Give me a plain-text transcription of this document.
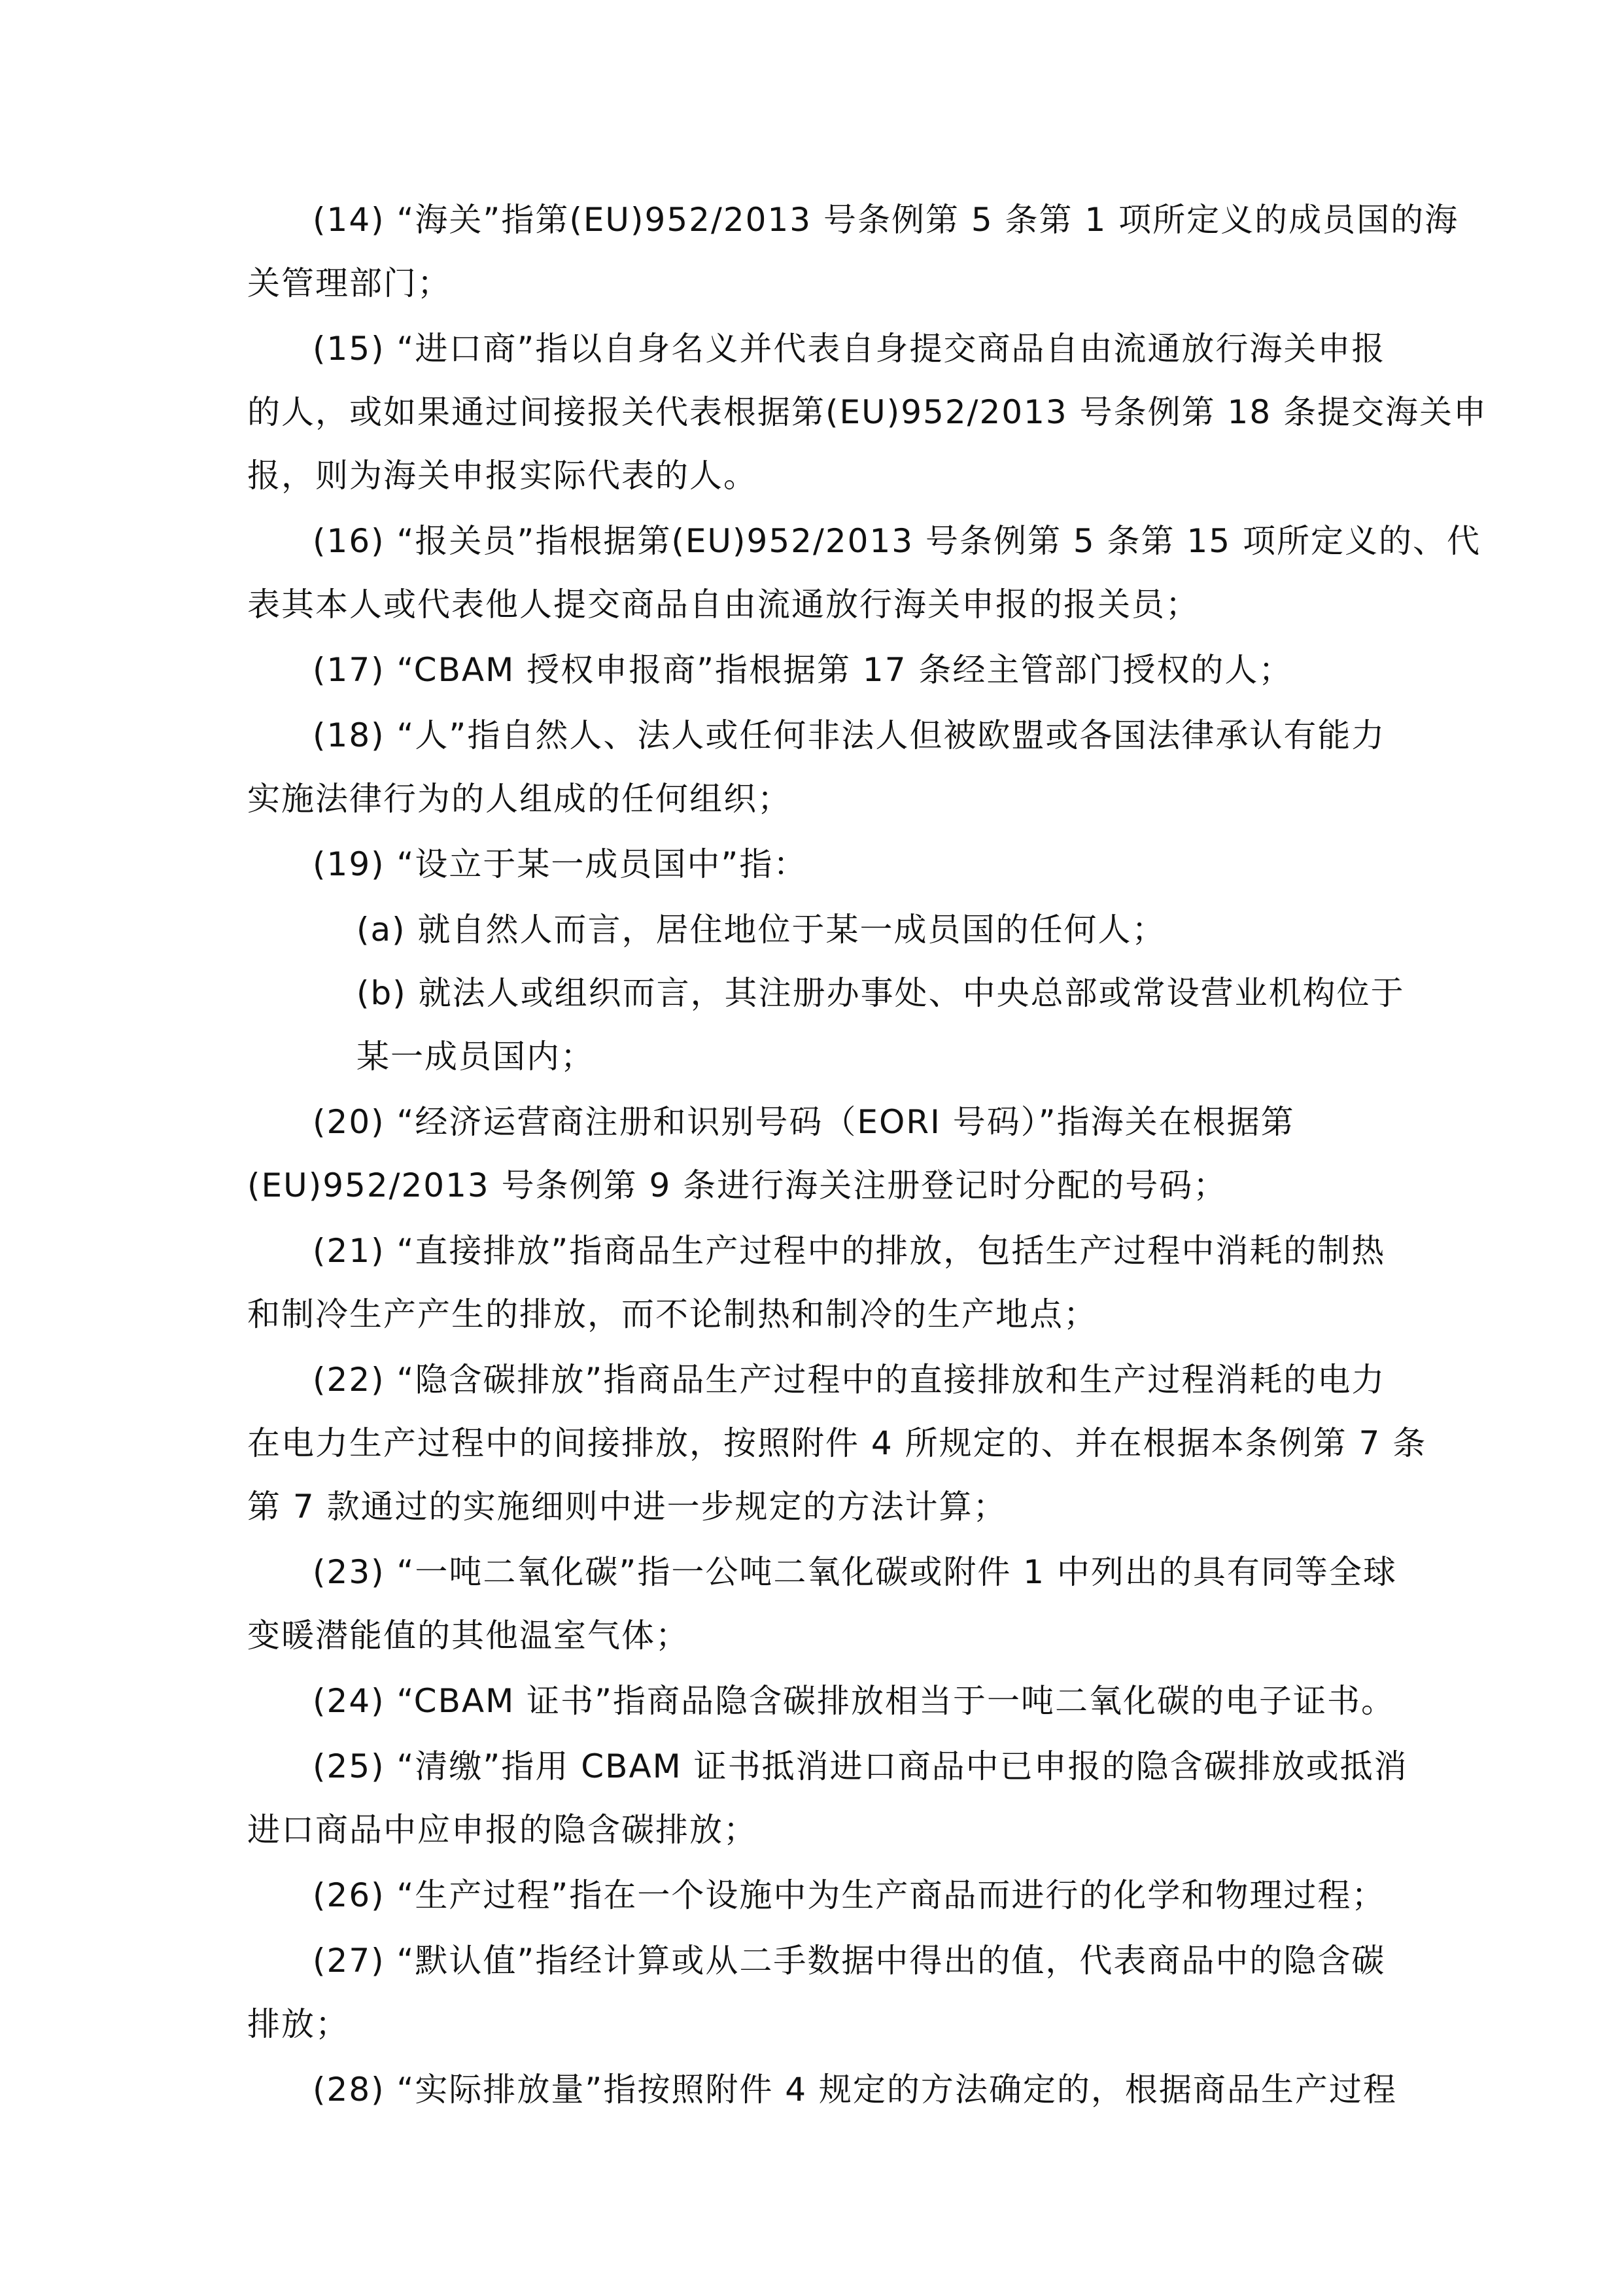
(14) “海关”指第(EU)952/2013 号条例第 5 条第 1 项所定义的成员国的海
关管理部门；
(15) “进口商”指以自身名义并代表自身提交商品自由流通放行海关申报
的人，或如果通过间接报关代表根据第(EU)952/2013 号条例第 18 条提交海关申
报，则为海关申报实际代表的人。
(16) “报关员”指根据第(EU)952/2013 号条例第 5 条第 15 项所定义的、代
表其本人或代表他人提交商品自由流通放行海关申报的报关员；
(17) “CBAM 授权申报商”指根据第 17 条经主管部门授权的人；
(18) “人”指自然人、法人或任何非法人但被欧盟或各国法律承认有能力
实施法律行为的人组成的任何组织；
(19) “设立于某一成员国中”指：
(a) 就自然人而言，居住地位于某一成员国的任何人；
(b) 就法人或组织而言，其注册办事处、中央总部或常设营业机构位于
某一成员国内；
(20) “经济运营商注册和识别号码（EORI 号码）”指海关在根据第
(EU)952/2013 号条例第 9 条进行海关注册登记时分配的号码；
(21) “直接排放”指商品生产过程中的排放，包括生产过程中消耗的制热
和制冷生产产生的排放，而不论制热和制冷的生产地点；
(22) “隐含碳排放”指商品生产过程中的直接排放和生产过程消耗的电力
在电力生产过程中的间接排放，按照附件 4 所规定的、并在根据本条例第 7 条
第 7 款通过的实施细则中进一步规定的方法计算；
(23) “一吨二氧化碳”指一公吨二氧化碳或附件 1 中列出的具有同等全球
变暖潜能值的其他温室气体；
(24) “CBAM 证书”指商品隐含碳排放相当于一吨二氧化碳的电子证书。
(25) “清缴”指用 CBAM 证书抵消进口商品中已申报的隐含碳排放或抵消
进口商品中应申报的隐含碳排放；
(26) “生产过程”指在一个设施中为生产商品而进行的化学和物理过程；
(27) “默认值”指经计算或从二手数据中得出的值，代表商品中的隐含碳
排放；
(28) “实际排放量”指按照附件 4 规定的方法确定的，根据商品生产过程
